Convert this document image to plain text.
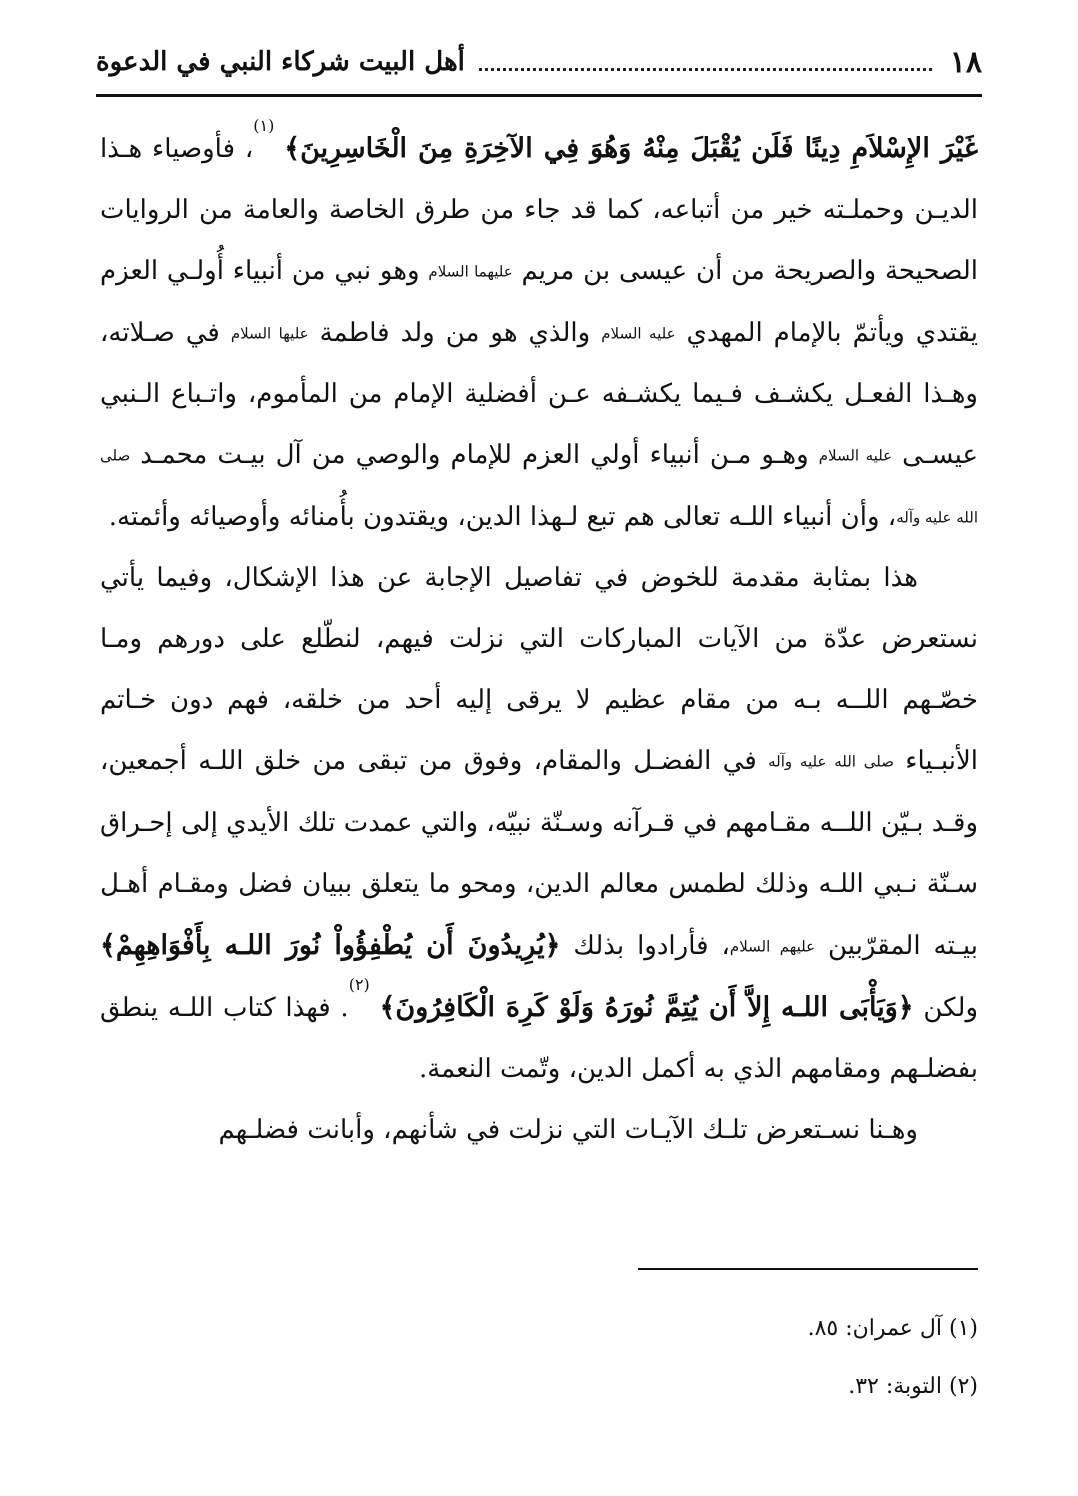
١٨
أهل البيت شركاء النبي في الدعوة

غَيْرَ الإِسْلاَمِ دِينًا فَلَن يُقْبَلَ مِنْهُ وَهُوَ فِي الآخِرَةِ مِنَ الْخَاسِرِينَ﴾ $^{(١)}$، فأوصياء هـذا الديـن وحملـته خير من أتباعه، كما قد جاء من طرق الخاصة والعامة من الروايات الصحيحة والصريحة من أن عيسى بن مريم عليهما السلام وهو نبي من أنبياء أُولـي العزم يقتدي ويأتمّ بالإمام المهدي عليه السلام والذي هو من ولد فاطمة عليها السلام في صـلاته، وهـذا الفعـل يكشـف فـيما يكشـفه عـن أفضلية الإمام من المأموم، واتـباع الـنبي عيسـى عليه السلام وهـو مـن أنبياء أولي العزم للإمام والوصي من آل بيـت محمـد صلى الله عليه وآله، وأن أنبياء اللـه تعالى هم تبع لـهذا الدين، ويقتدون بأُمنائه وأوصيائه وأئمته.

هذا بمثابة مقدمة للخوض في تفاصيل الإجابة عن هذا الإشكال، وفيما يأتي نستعرض عدّة من الآيات المباركات التي نزلت فيهم، لنطّلع على دورهم ومـا خصّـهم اللــه بـه من مقام عظيم لا يرقى إليه أحد من خلقه، فهم دون خـاتم الأنبـياء صلى الله عليه وآله في الفضـل والمقام، وفوق من تبقى من خلق اللـه أجمعين، وقـد بـيّن اللــه مقـامهم في قـرآنه وسـنّة نبيّه، والتي عمدت تلك الأيدي إلى إحـراق سـنّة نـبي اللـه وذلك لطمس معالم الدين، ومحو ما يتعلق ببيان فضل ومقـام أهـل بيـته المقرّبين عليهم السلام، فأرادوا بذلك ﴿يُرِيدُونَ أَن يُطْفِؤُواْ نُورَ اللـه بِأَفْوَاهِهِمْ﴾ ولكن ﴿وَيَأْبَى اللـه إِلاَّ أَن يُتِمَّ نُورَهُ وَلَوْ كَرِهَ الْكَافِرُونَ﴾ $^{(٢)}$. فهذا كتاب اللـه ينطق بفضلـهم ومقامهم الذي به أكمل الدين، وتّمت النعمة.

وهـنا نسـتعرض تلـك الآيـات التي نزلت في شأنهم، وأبانت فضلـهم

(١) آل عمران: ٨٥.
(٢) التوبة: ٣٢.
